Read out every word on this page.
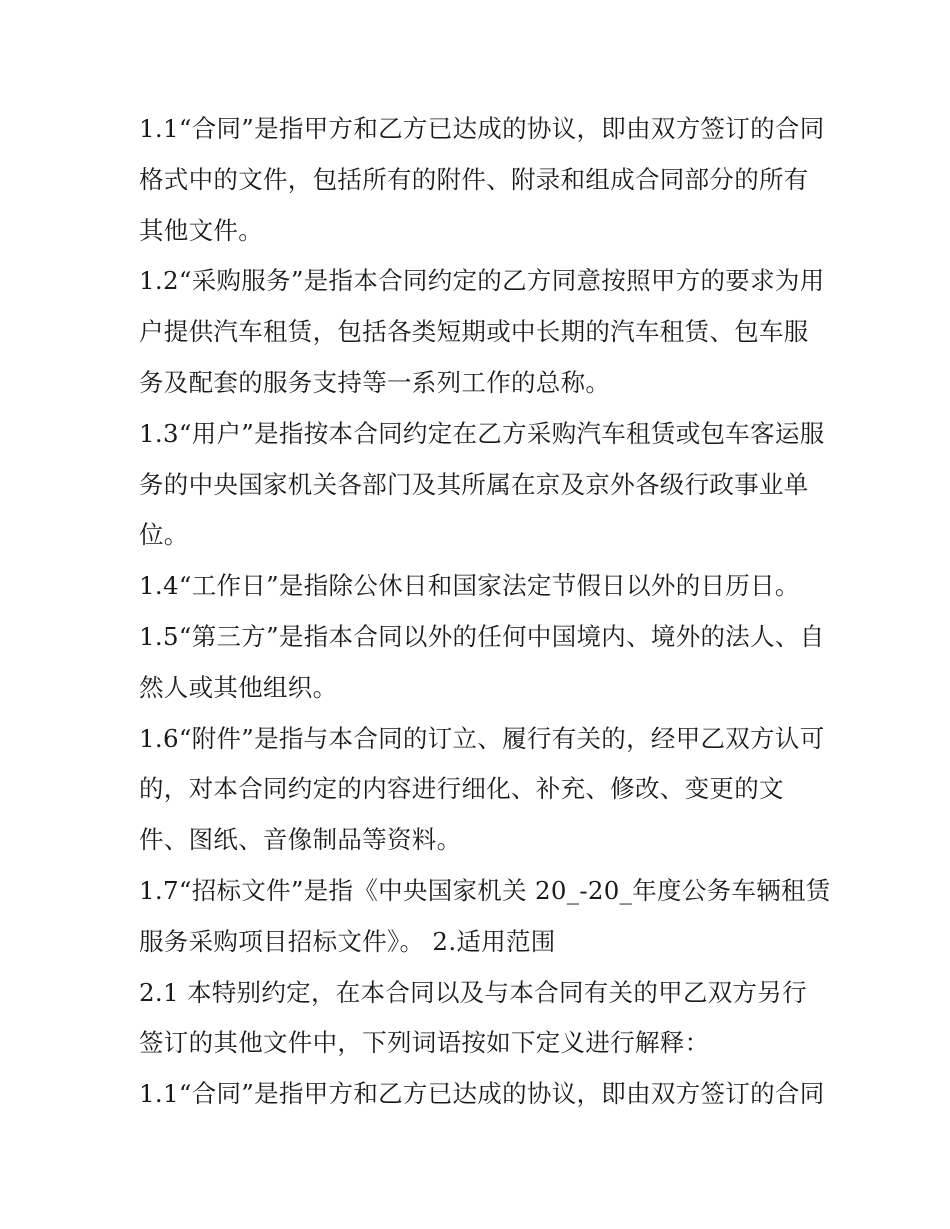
1.1“合同”是指甲方和乙方已达成的协议，即由双方签订的合同
格式中的文件，包括所有的附件、附录和组成合同部分的所有
其他文件。
1.2“采购服务”是指本合同约定的乙方同意按照甲方的要求为用
户提供汽车租赁，包括各类短期或中长期的汽车租赁、包车服
务及配套的服务支持等一系列工作的总称。
1.3“用户”是指按本合同约定在乙方采购汽车租赁或包车客运服
务的中央国家机关各部门及其所属在京及京外各级行政事业单
位。
1.4“工作日”是指除公休日和国家法定节假日以外的日历日。
1.5“第三方”是指本合同以外的任何中国境内、境外的法人、自
然人或其他组织。
1.6“附件”是指与本合同的订立、履行有关的，经甲乙双方认可
的，对本合同约定的内容进行细化、补充、修改、变更的文
件、图纸、音像制品等资料。
1.7“招标文件”是指《中央国家机关 20_-20_年度公务车辆租赁
服务采购项目招标文件》。 2.适用范围
2.1 本特别约定，在本合同以及与本合同有关的甲乙双方另行
签订的其他文件中，下列词语按如下定义进行解释：
1.1“合同”是指甲方和乙方已达成的协议，即由双方签订的合同
